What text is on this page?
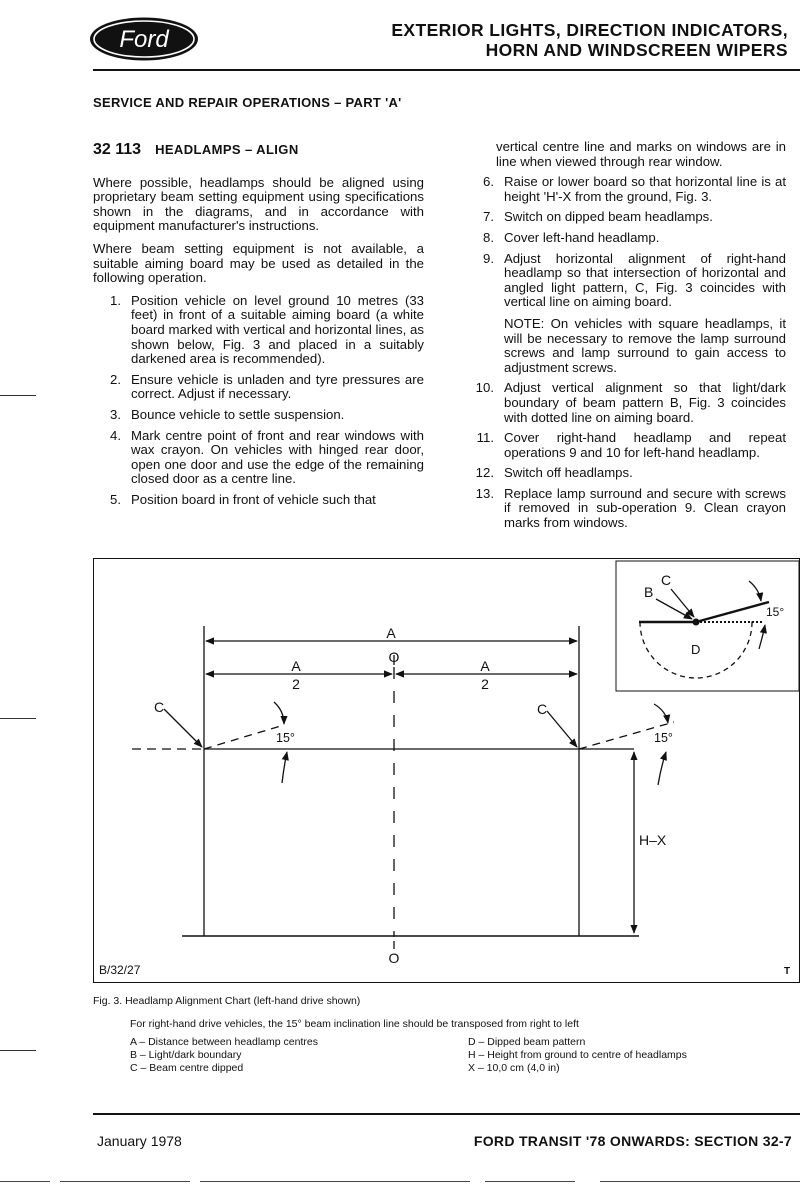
Ford	EXTERIOR LIGHTS, DIRECTION INDICATORS,
HORN AND WINDSCREEN WIPERS
SERVICE AND REPAIR OPERATIONS – PART 'A'
32 113 HEADLAMPS – ALIGN

Where possible, headlamps should be aligned using proprietary beam setting equipment using specifications shown in the diagrams, and in accordance with equipment manufacturer's instructions.

Where beam setting equipment is not available, a suitable aiming board may be used as detailed in the following operation.

1. Position vehicle on level ground 10 metres (33 feet) in front of a suitable aiming board (a white board marked with vertical and horizontal lines, as shown below, Fig. 3 and placed in a suitably darkened area is recommended).
2. Ensure vehicle is unladen and tyre pressures are correct. Adjust if necessary.
3. Bounce vehicle to settle suspension.
4. Mark centre point of front and rear windows with wax crayon. On vehicles with hinged rear door, open one door and use the edge of the remaining closed door as a centre line.
5. Position board in front of vehicle such that
vertical centre line and marks on windows are in line when viewed through rear window.
6. Raise or lower board so that horizontal line is at height 'H'-X from the ground, Fig. 3.
7. Switch on dipped beam headlamps.
8. Cover left-hand headlamp.
9. Adjust horizontal alignment of right-hand headlamp so that intersection of horizontal and angled light pattern, C, Fig. 3 coincides with vertical line on aiming board.
NOTE: On vehicles with square headlamps, it will be necessary to remove the lamp surround screws and lamp surround to gain access to adjustment screws.
10. Adjust vertical alignment so that light/dark boundary of beam pattern B, Fig. 3 coincides with dotted line on aiming board.
11. Cover right-hand headlamp and repeat operations 9 and 10 for left-hand headlamp.
12. Switch off headlamps.
13. Replace lamp surround and secure with screws if removed in sub-operation 9. Clean crayon marks from windows.
A
A
2
A
2
O
O
C	C
15°	15°
H–X
B/32/27	T
B
C
15°
D
Fig. 3. Headlamp Alignment Chart (left-hand drive shown)
For right-hand drive vehicles, the 15° beam inclination line should be transposed from right to left
A – Distance between headlamp centres	D – Dipped beam pattern
B – Light/dark boundary	H – Height from ground to centre of headlamps
C – Beam centre dipped	X – 10,0 cm (4,0 in)
January 1978	FORD TRANSIT '78 ONWARDS: SECTION 32-7
